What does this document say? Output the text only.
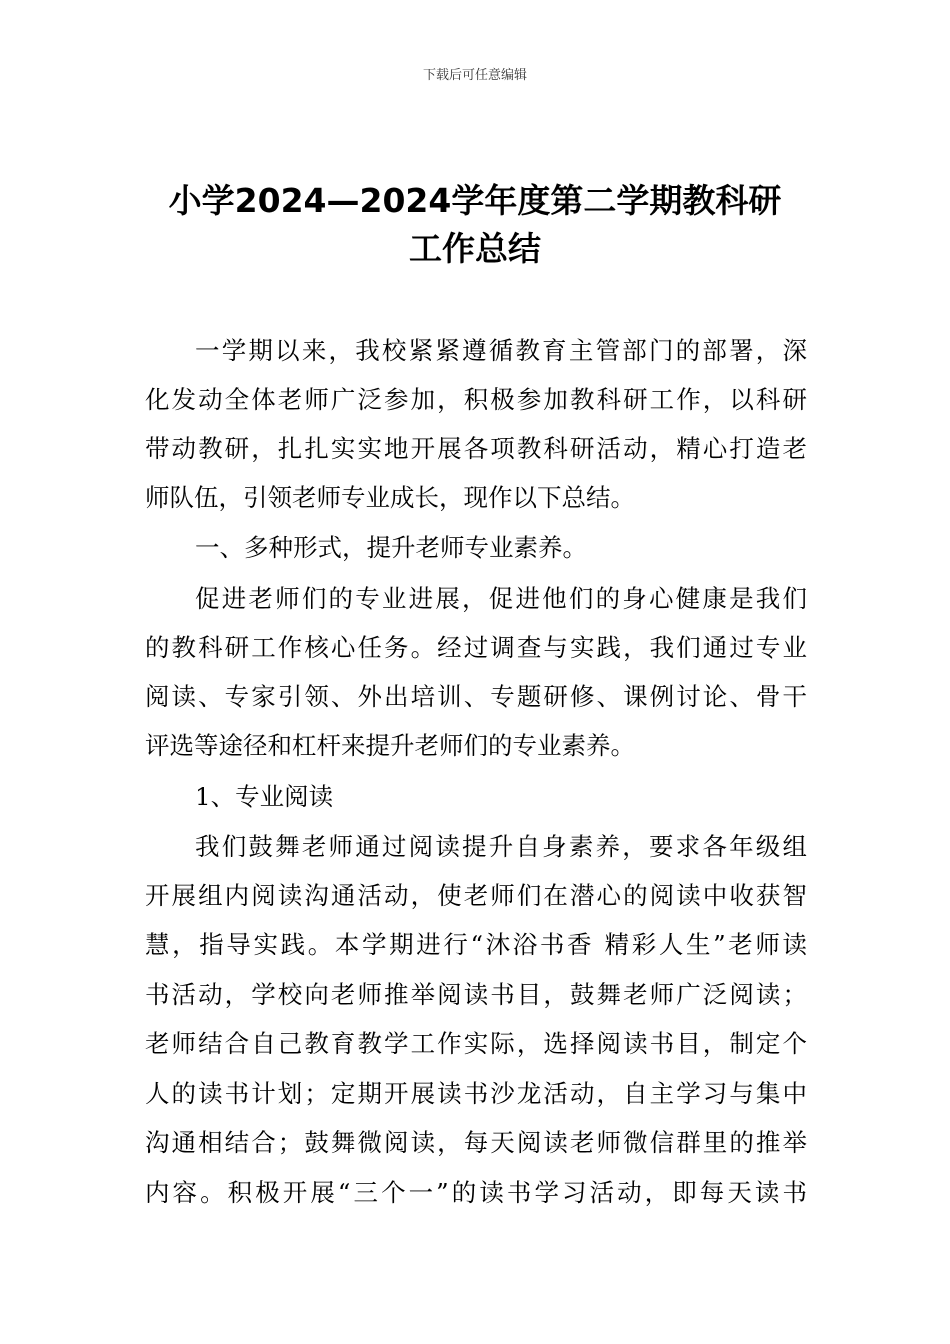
下载后可任意编辑
小学2024—2024学年度第二学期教科研
工作总结
一学期以来，我校紧紧遵循教育主管部门的部署，深
化发动全体老师广泛参加，积极参加教科研工作，以科研
带动教研，扎扎实实地开展各项教科研活动，精心打造老
师队伍，引领老师专业成长，现作以下总结。
一、多种形式，提升老师专业素养。
促进老师们的专业进展，促进他们的身心健康是我们
的教科研工作核心任务。经过调查与实践，我们通过专业
阅读、专家引领、外出培训、专题研修、课例讨论、骨干
评选等途径和杠杆来提升老师们的专业素养。
1、专业阅读
我们鼓舞老师通过阅读提升自身素养，要求各年级组
开展组内阅读沟通活动，使老师们在潜心的阅读中收获智
慧，指导实践。本学期进行“沐浴书香 精彩人生”老师读
书活动，学校向老师推举阅读书目，鼓舞老师广泛阅读；
老师结合自己教育教学工作实际，选择阅读书目，制定个
人的读书计划；定期开展读书沙龙活动，自主学习与集中
沟通相结合；鼓舞微阅读，每天阅读老师微信群里的推举
内容。积极开展“三个一”的读书学习活动，即每天读书
